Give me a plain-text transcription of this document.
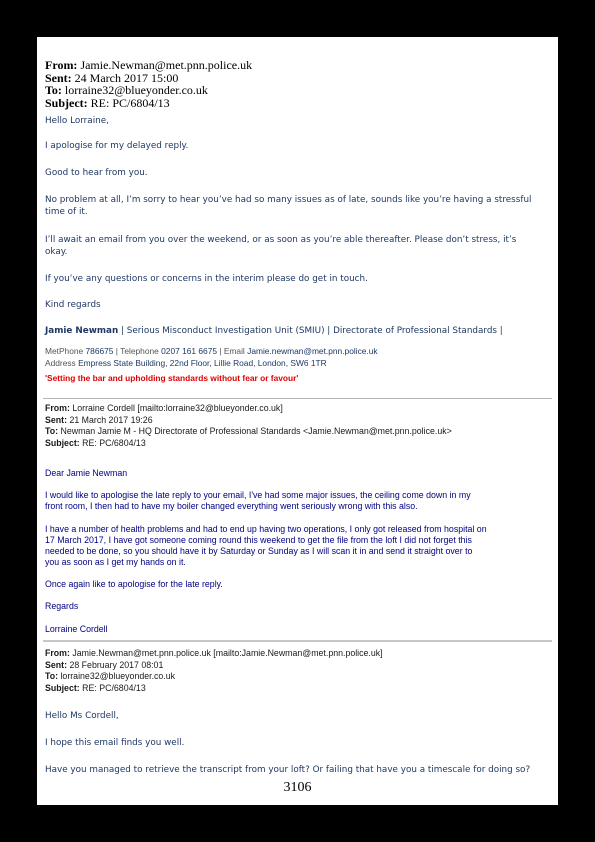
From: Jamie.Newman@met.pnn.police.uk
Sent: 24 March 2017 15:00
To: lorraine32@blueyonder.co.uk
Subject: RE: PC/6804/13
Hello Lorraine,
I apologise for my delayed reply.
Good to hear from you.

No problem at all, I’m sorry to hear you’ve had so many issues as of late, sounds like you’re having a stressful

time of it.

I’ll await an email from you over the weekend, or as soon as you’re able thereafter. Please don’t stress, it’s

okay.

If you’ve any questions or concerns in the interim please do get in touch.
Kind regards
Jamie Newman | Serious Misconduct Investigation Unit (SMIU) | Directorate of Professional Standards |
MetPhone 786675 | Telephone 0207 161 6675 | Email Jamie.newman@met.pnn.police.uk
Address Empress State Building, 22nd Floor, Lillie Road, London, SW6 1TR
'Setting the bar and upholding standards without fear or favour'
From: Lorraine Cordell [mailto:lorraine32@blueyonder.co.uk]
Sent: 21 March 2017 19:26
To: Newman Jamie M - HQ Directorate of Professional Standards <Jamie.Newman@met.pnn.police.uk>
Subject: RE: PC/6804/13
Dear Jamie Newman

I would like to apologise the late reply to your email, I've had some major issues, the ceiling come down in my

front room, I then had to have my boiler changed everything went seriously wrong with this also.

I have a number of health problems and had to end up having two operations, I only got released from hospital on

17 March 2017, I have got someone coming round this weekend to get the file from the loft I did not forget this

needed to be done, so you should have it by Saturday or Sunday as I will scan it in and send it straight over to

you as soon as I get my hands on it.

Once again like to apologise for the late reply.
Regards
Lorraine Cordell
From: Jamie.Newman@met.pnn.police.uk [mailto:Jamie.Newman@met.pnn.police.uk]
Sent: 28 February 2017 08:01
To: lorraine32@blueyonder.co.uk
Subject: RE: PC/6804/13
Hello Ms Cordell,
I hope this email finds you well.
Have you managed to retrieve the transcript from your loft? Or failing that have you a timescale for doing so?
3106
